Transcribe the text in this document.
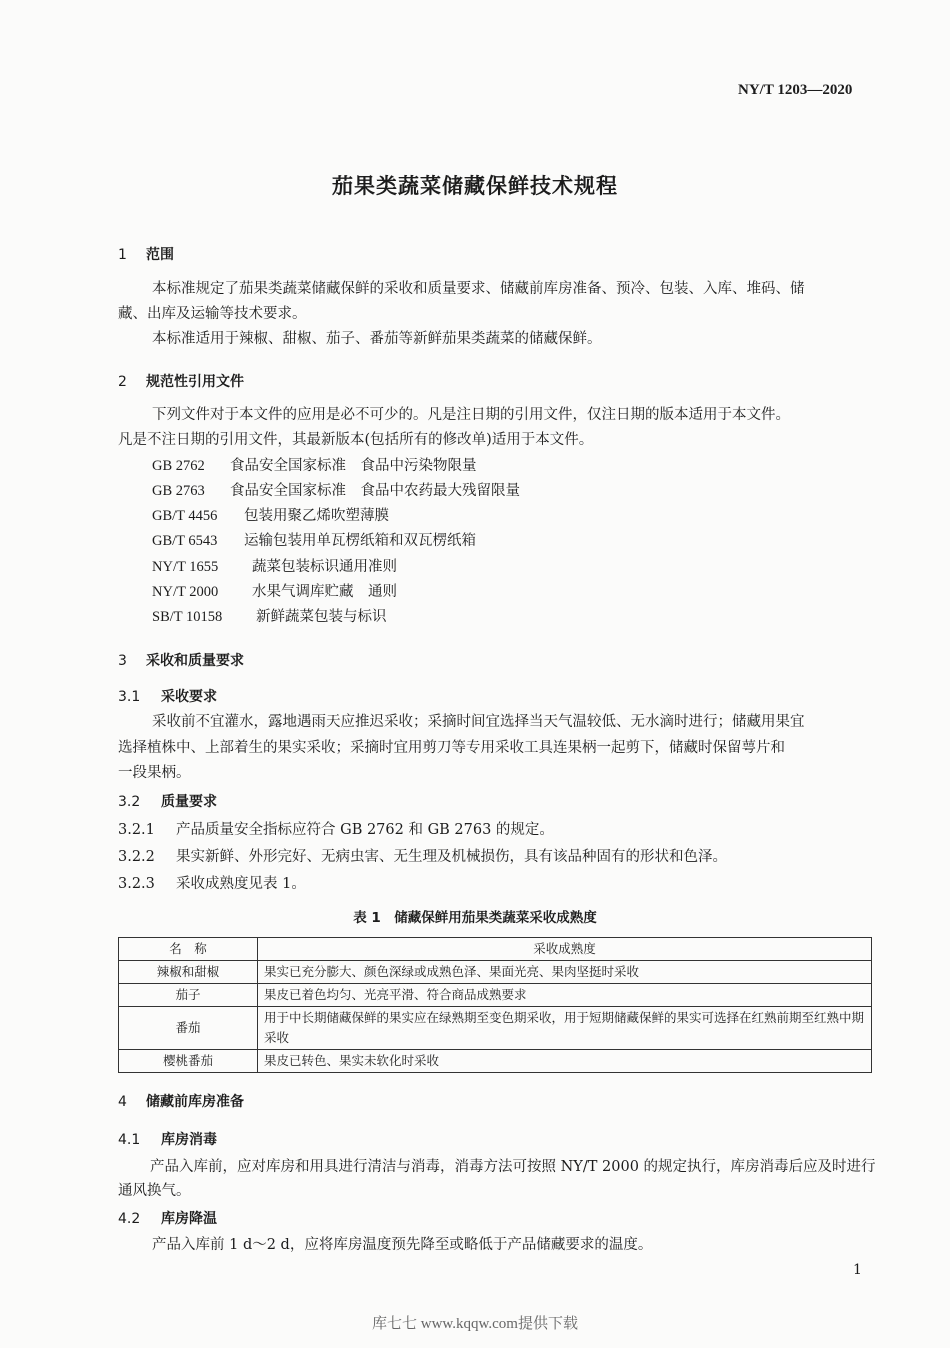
NY/T 1203—2020
茄果类蔬菜储藏保鲜技术规程
1 范围
本标准规定了茄果类蔬菜储藏保鲜的采收和质量要求、储藏前库房准备、预冷、包装、入库、堆码、储
藏、出库及运输等技术要求。
本标准适用于辣椒、甜椒、茄子、番茄等新鲜茄果类蔬菜的储藏保鲜。
2 规范性引用文件
下列文件对于本文件的应用是必不可少的。凡是注日期的引用文件，仅注日期的版本适用于本文件。
凡是不注日期的引用文件，其最新版本(包括所有的修改单)适用于本文件。
GB 2762 食品安全国家标准　食品中污染物限量
GB 2763 食品安全国家标准　食品中农药最大残留限量
GB/T 4456 包装用聚乙烯吹塑薄膜
GB/T 6543 运输包装用单瓦楞纸箱和双瓦楞纸箱
NY/T 1655 蔬菜包装标识通用准则
NY/T 2000 水果气调库贮藏　通则
SB/T 10158 新鲜蔬菜包装与标识
3 采收和质量要求
3.1 采收要求
采收前不宜灌水，露地遇雨天应推迟采收；采摘时间宜选择当天气温较低、无水滴时进行；储藏用果宜
选择植株中、上部着生的果实采收；采摘时宜用剪刀等专用采收工具连果柄一起剪下，储藏时保留萼片和
一段果柄。
3.2 质量要求
3.2.1 产品质量安全指标应符合 GB 2762 和 GB 2763 的规定。
3.2.2 果实新鲜、外形完好、无病虫害、无生理及机械损伤，具有该品种固有的形状和色泽。
3.2.3 采收成熟度见表 1。
表 1　储藏保鲜用茄果类蔬菜采收成熟度
名　称	采收成熟度
辣椒和甜椒	果实已充分膨大、颜色深绿或成熟色泽、果面光亮、果肉坚挺时采收
茄子	果皮已着色均匀、光亮平滑、符合商品成熟要求
番茄	用于中长期储藏保鲜的果实应在绿熟期至变色期采收，用于短期储藏保鲜的果实可选择在红熟前期至红熟中期采收
樱桃番茄	果皮已转色、果实未软化时采收
4 储藏前库房准备
4.1 库房消毒
产品入库前，应对库房和用具进行清洁与消毒，消毒方法可按照 NY/T 2000 的规定执行，库房消毒后应及时进行通风换气。
4.2 库房降温
产品入库前 1 d～2 d，应将库房温度预先降至或略低于产品储藏要求的温度。
1
库七七 www.kqqw.com提供下载
